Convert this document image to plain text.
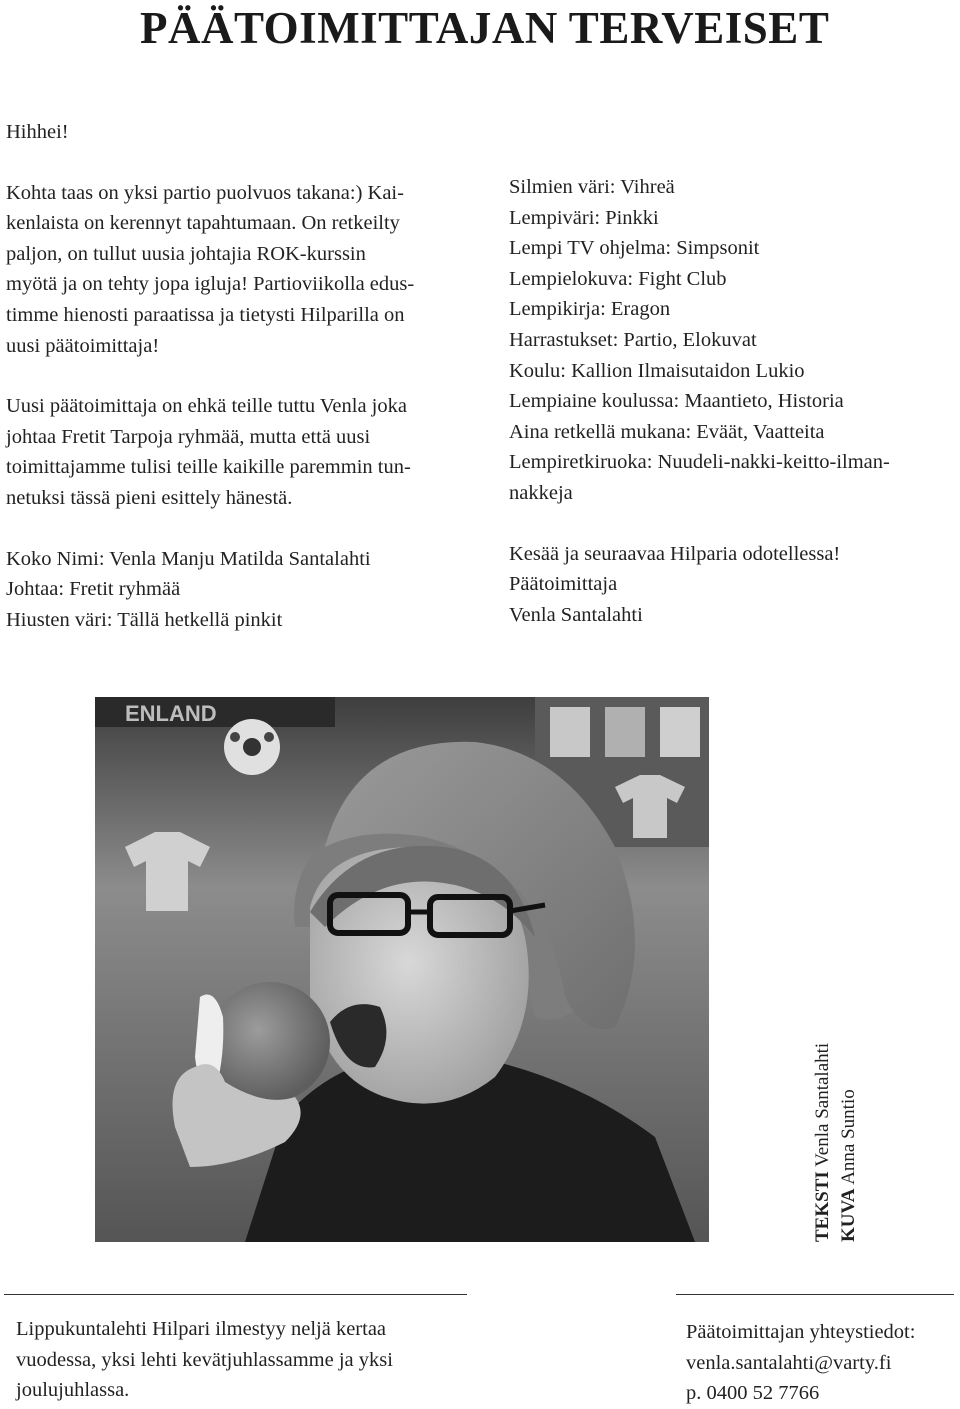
PÄÄTOIMITTAJAN TERVEISET

Hihhei!

Kohta taas on yksi partio puolvuos takana:) Kai-
kenlaista on kerennyt tapahtumaan. On retkeilty
paljon, on tullut uusia johtajia ROK-kurssin
myötä ja on tehty jopa igluja! Partioviikolla edus-
timme hienosti paraatissa ja tietysti Hilparilla on
uusi päätoimittaja!

Uusi päätoimittaja on ehkä teille tuttu Venla joka
johtaa Fretit Tarpoja ryhmää, mutta että uusi
toimittajamme tulisi teille kaikille paremmin tun-
netuksi tässä pieni esittely hänestä.

Koko Nimi: Venla Manju Matilda Santalahti
Johtaa: Fretit ryhmää
Hiusten väri: Tällä hetkellä pinkit

Silmien väri: Vihreä
Lempiväri: Pinkki
Lempi TV ohjelma: Simpsonit
Lempielokuva: Fight Club
Lempikirja: Eragon
Harrastukset: Partio, Elokuvat
Koulu: Kallion Ilmaisutaidon Lukio
Lempiaine koulussa: Maantieto, Historia
Aina retkellä mukana: Eväät, Vaatteita
Lempiretkiruoka: Nuudeli-nakki-keitto-ilman-
nakkeja

Kesää ja seuraavaa Hilparia odotellessa!
Päätoimittaja
Venla Santalahti

ENLAND
TEKSTI Venla Santalahti
KUVA Anna Suntio
Lippukuntalehti Hilpari ilmestyy neljä kertaa
vuodessa, yksi lehti kevätjuhlassamme ja yksi
joulujuhlassa.
Päätoimittajan yhteystiedot:
venla.santalahti@varty.fi
p. 0400 52 7766
